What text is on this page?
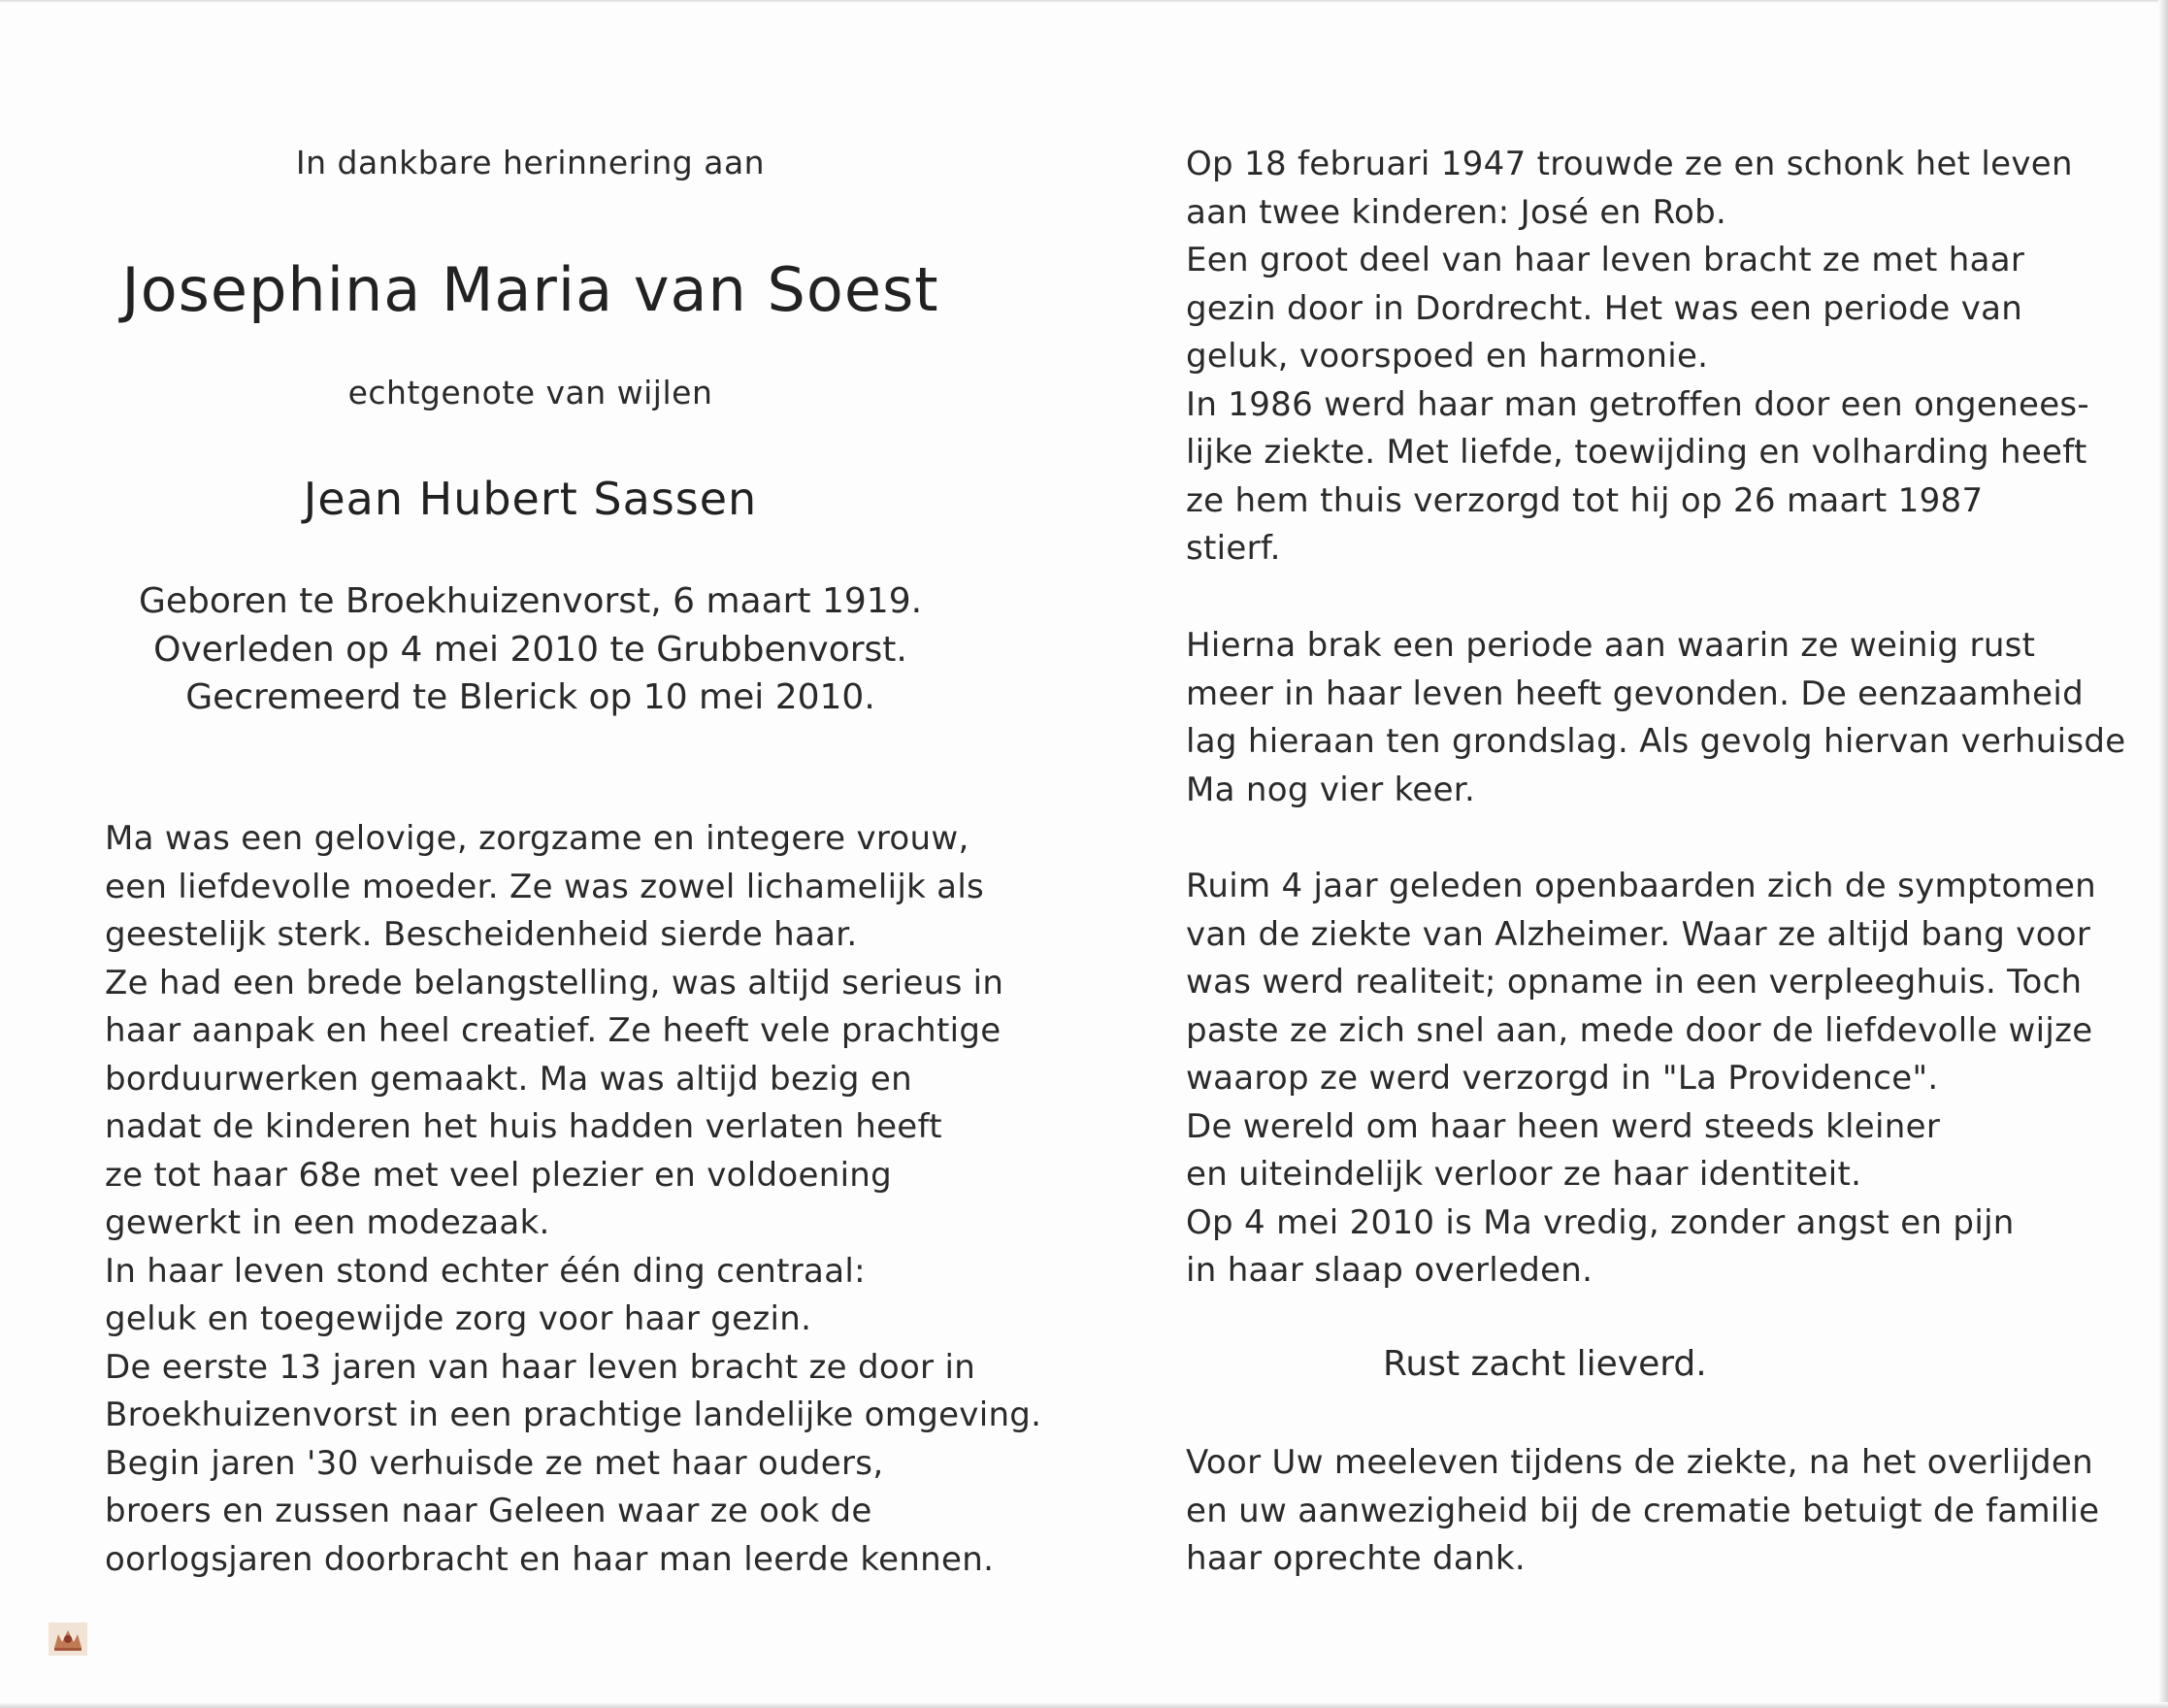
In dankbare herinnering aan

Josephina Maria van Soest

echtgenote van wijlen

Jean Hubert Sassen

Geboren te Broekhuizenvorst, 6 maart 1919.
Overleden op 4 mei 2010 te Grubbenvorst.
Gecremeerd te Blerick op 10 mei 2010.

Ma was een gelovige, zorgzame en integere vrouw,
een liefdevolle moeder. Ze was zowel lichamelijk als
geestelijk sterk. Bescheidenheid sierde haar.
Ze had een brede belangstelling, was altijd serieus in
haar aanpak en heel creatief. Ze heeft vele prachtige
borduurwerken gemaakt. Ma was altijd bezig en
nadat de kinderen het huis hadden verlaten heeft
ze tot haar 68e met veel plezier en voldoening
gewerkt in een modezaak.
In haar leven stond echter één ding centraal:
geluk en toegewijde zorg voor haar gezin.
De eerste 13 jaren van haar leven bracht ze door in
Broekhuizenvorst in een prachtige landelijke omgeving.
Begin jaren '30 verhuisde ze met haar ouders,
broers en zussen naar Geleen waar ze ook de
oorlogsjaren doorbracht en haar man leerde kennen.

Op 18 februari 1947 trouwde ze en schonk het leven
aan twee kinderen: José en Rob.
Een groot deel van haar leven bracht ze met haar
gezin door in Dordrecht. Het was een periode van
geluk, voorspoed en harmonie.
In 1986 werd haar man getroffen door een ongenees-
lijke ziekte. Met liefde, toewijding en volharding heeft
ze hem thuis verzorgd tot hij op 26 maart 1987
stierf.

Hierna brak een periode aan waarin ze weinig rust
meer in haar leven heeft gevonden. De eenzaamheid
lag hieraan ten grondslag. Als gevolg hiervan verhuisde
Ma nog vier keer.

Ruim 4 jaar geleden openbaarden zich de symptomen
van de ziekte van Alzheimer. Waar ze altijd bang voor
was werd realiteit; opname in een verpleeghuis. Toch
paste ze zich snel aan, mede door de liefdevolle wijze
waarop ze werd verzorgd in "La Providence".
De wereld om haar heen werd steeds kleiner
en uiteindelijk verloor ze haar identiteit.
Op 4 mei 2010 is Ma vredig, zonder angst en pijn
in haar slaap overleden.

Rust zacht lieverd.

Voor Uw meeleven tijdens de ziekte, na het overlijden
en uw aanwezigheid bij de crematie betuigt de familie
haar oprechte dank.
